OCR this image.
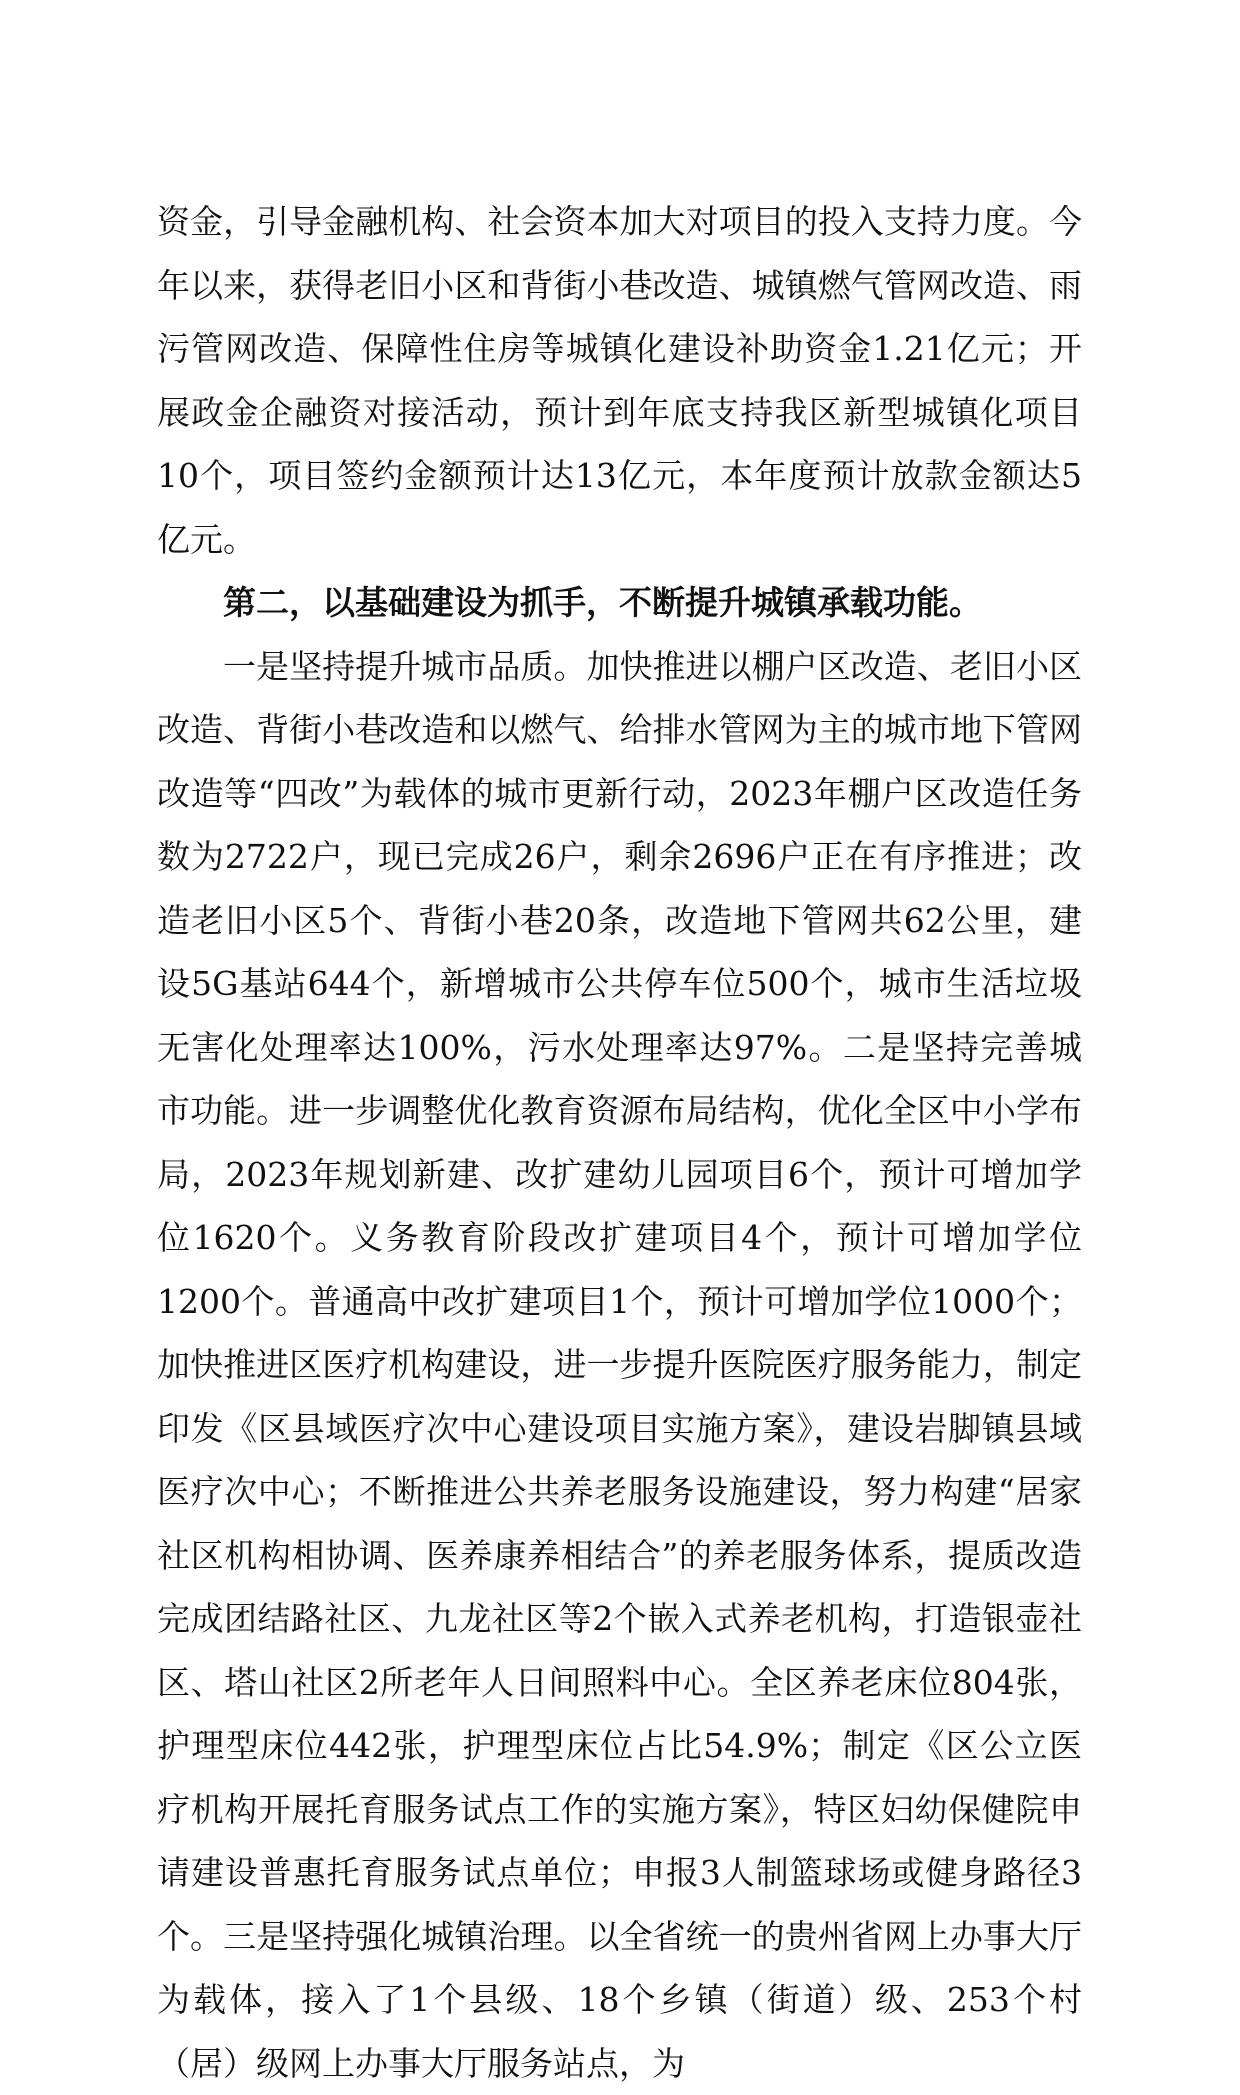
资金，引导金融机构、社会资本加大对项目的投入支持力度。今年以来，获得老旧小区和背街小巷改造、城镇燃气管网改造、雨污管网改造、保障性住房等城镇化建设补助资金1.21亿元；开展政金企融资对接活动，预计到年底支持我区新型城镇化项目10个，项目签约金额预计达13亿元，本年度预计放款金额达5亿元。

第二，以基础建设为抓手，不断提升城镇承载功能。

一是坚持提升城市品质。加快推进以棚户区改造、老旧小区改造、背街小巷改造和以燃气、给排水管网为主的城市地下管网改造等“四改”为载体的城市更新行动，2023年棚户区改造任务数为2722户，现已完成26户，剩余2696户正在有序推进；改造老旧小区5个、背街小巷20条，改造地下管网共62公里，建设5G基站644个，新增城市公共停车位500个，城市生活垃圾无害化处理率达100%，污水处理率达97%。二是坚持完善城市功能。进一步调整优化教育资源布局结构，优化全区中小学布局，2023年规划新建、改扩建幼儿园项目6个，预计可增加学位1620个。义务教育阶段改扩建项目4个，预计可增加学位1200个。普通高中改扩建项目1个，预计可增加学位1000个；加快推进区医疗机构建设，进一步提升医院医疗服务能力，制定印发《区县域医疗次中心建设项目实施方案》，建设岩脚镇县域医疗次中心；不断推进公共养老服务设施建设，努力构建“居家社区机构相协调、医养康养相结合”的养老服务体系，提质改造完成团结路社区、九龙社区等2个嵌入式养老机构，打造银壶社区、塔山社区2所老年人日间照料中心。全区养老床位804张，护理型床位442张，护理型床位占比54.9%；制定《区公立医疗机构开展托育服务试点工作的实施方案》，特区妇幼保健院申请建设普惠托育服务试点单位；申报3人制篮球场或健身路径3个。三是坚持强化城镇治理。以全省统一的贵州省网上办事大厅为载体，接入了1个县级、18个乡镇（街道）级、253个村（居）级网上办事大厅服务站点，为
